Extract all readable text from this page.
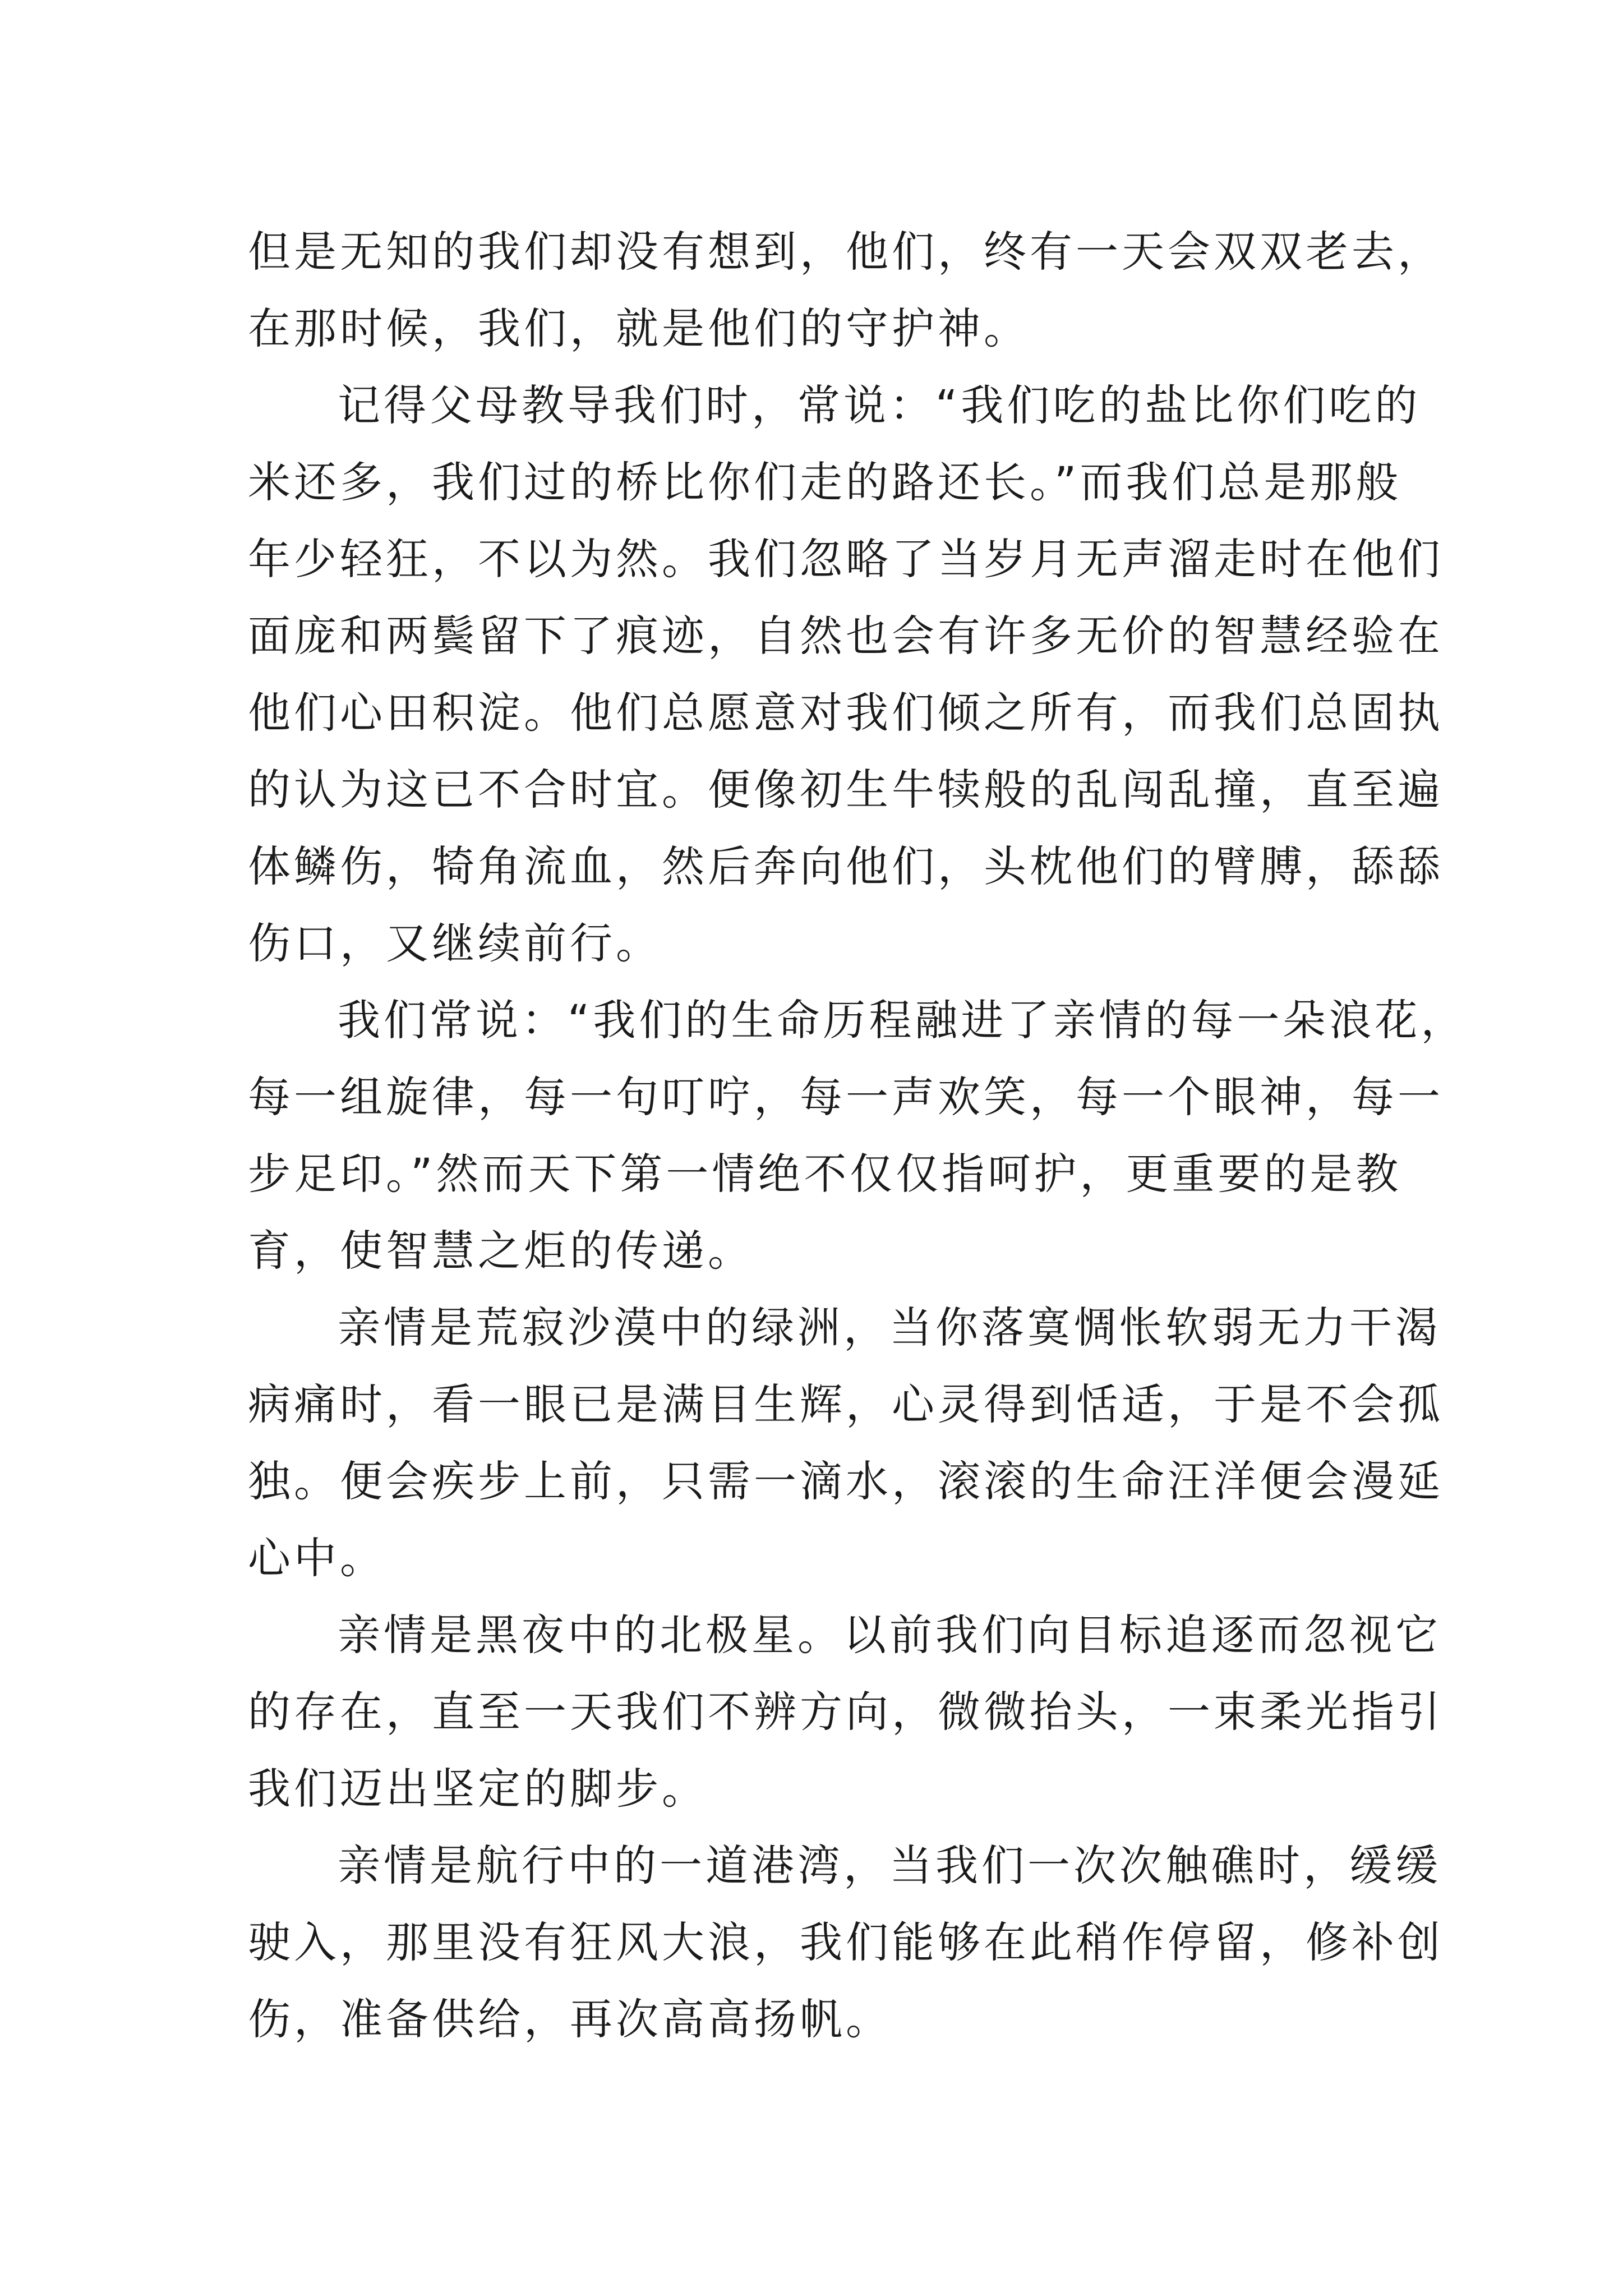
但是无知的我们却没有想到，他们，终有一天会双双老去，
在那时候，我们，就是他们的守护神。
记得父母教导我们时，常说：“我们吃的盐比你们吃的
米还多，我们过的桥比你们走的路还长。”而我们总是那般
年少轻狂，不以为然。我们忽略了当岁月无声溜走时在他们
面庞和两鬓留下了痕迹，自然也会有许多无价的智慧经验在
他们心田积淀。他们总愿意对我们倾之所有，而我们总固执
的认为这已不合时宜。便像初生牛犊般的乱闯乱撞，直至遍
体鳞伤，犄角流血，然后奔向他们，头枕他们的臂膊，舔舔
伤口，又继续前行。
我们常说：“我们的生命历程融进了亲情的每一朵浪花，
每一组旋律，每一句叮咛，每一声欢笑，每一个眼神，每一
步足印。”然而天下第一情绝不仅仅指呵护，更重要的是教
育，使智慧之炬的传递。
亲情是荒寂沙漠中的绿洲，当你落寞惆怅软弱无力干渴
病痛时，看一眼已是满目生辉，心灵得到恬适，于是不会孤
独。便会疾步上前，只需一滴水，滚滚的生命汪洋便会漫延
心中。
亲情是黑夜中的北极星。以前我们向目标追逐而忽视它
的存在，直至一天我们不辨方向，微微抬头，一束柔光指引
我们迈出坚定的脚步。
亲情是航行中的一道港湾，当我们一次次触礁时，缓缓
驶入，那里没有狂风大浪，我们能够在此稍作停留，修补创
伤，准备供给，再次高高扬帆。
